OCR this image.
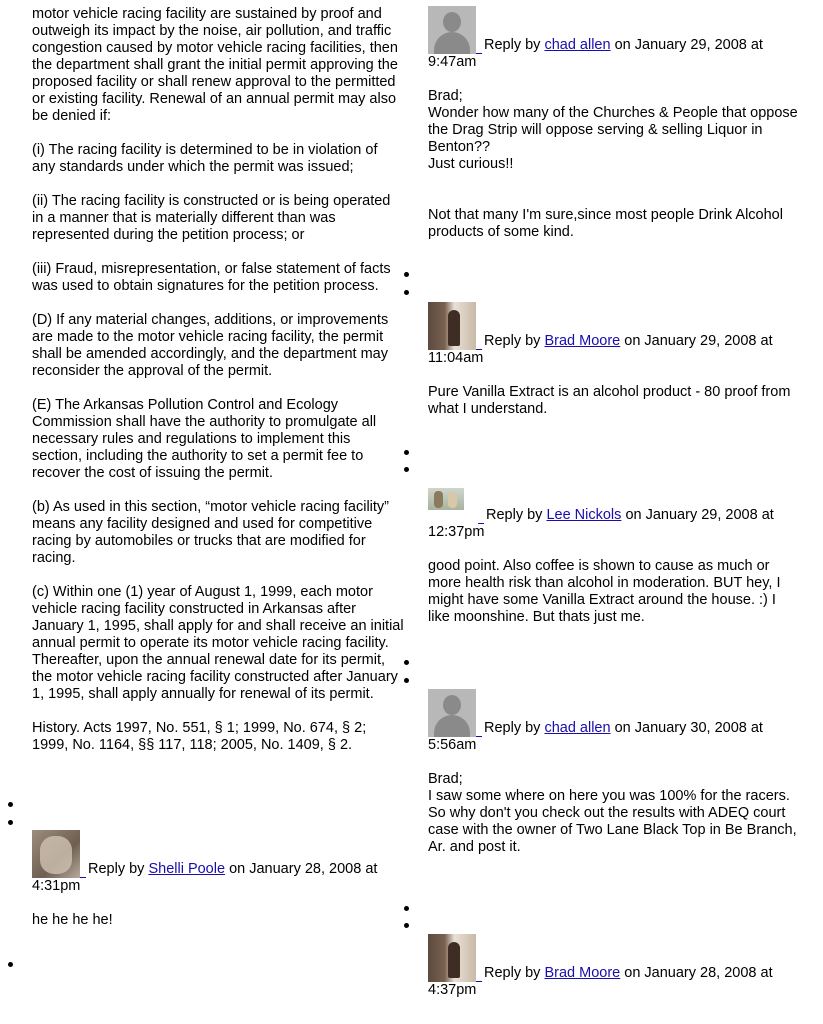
motor vehicle racing facility are sustained by proof and outweigh its impact by the noise, air pollution, and traffic congestion caused by motor vehicle racing facilities, then the department shall grant the initial permit approving the proposed facility or shall renew approval to the permitted or existing facility. Renewal of an annual permit may also be denied if:

(i) The racing facility is determined to be in violation of any standards under which the permit was issued;

(ii) The racing facility is constructed or is being operated in a manner that is materially different than was represented during the petition process; or

(iii) Fraud, misrepresentation, or false statement of facts was used to obtain signatures for the petition process.

(D) If any material changes, additions, or improvements are made to the motor vehicle racing facility, the permit shall be amended accordingly, and the department may reconsider the approval of the permit.

(E) The Arkansas Pollution Control and Ecology Commission shall have the authority to promulgate all necessary rules and regulations to implement this section, including the authority to set a permit fee to recover the cost of issuing the permit.

(b) As used in this section, “motor vehicle racing facility” means any facility designed and used for competitive racing by automobiles or trucks that are modified for racing.

(c) Within one (1) year of August 1, 1999, each motor vehicle racing facility constructed in Arkansas after January 1, 1995, shall apply for and shall receive an initial annual permit to operate its motor vehicle racing facility. Thereafter, upon the annual renewal date for its permit, the motor vehicle racing facility constructed after January 1, 1995, shall apply annually for renewal of its permit.

History. Acts 1997, No. 551, § 1; 1999, No. 674, § 2; 1999, No. 1164, §§ 117, 118; 2005, No. 1409, § 2.

Reply by Shelli Poole on January 28, 2008 at
4:31pm

he he he he!

Reply by chad allen on January 29, 2008 at
9:47am

Brad;

Wonder how many of the Churches & People that oppose the Drag Strip will oppose serving & selling Liquor in Benton??

Just curious!!

Not that many I'm sure,since most people Drink Alcohol products of some kind.

Reply by Brad Moore on January 29, 2008 at
11:04am

Pure Vanilla Extract is an alcohol product - 80 proof from what I understand.

Reply by Lee Nickols on January 29, 2008 at
12:37pm

good point. Also coffee is shown to cause as much or more health risk than alcohol in moderation. BUT hey, I might have some Vanilla Extract around the house. :) I like moonshine. But thats just me.

Reply by chad allen on January 30, 2008 at
5:56am

Brad;

I saw some where on here you was 100% for the racers.

So why don't you check out the results with ADEQ court case with the owner of Two Lane Black Top in Be Branch, Ar. and post it.

Reply by Brad Moore on January 28, 2008 at
4:37pm
